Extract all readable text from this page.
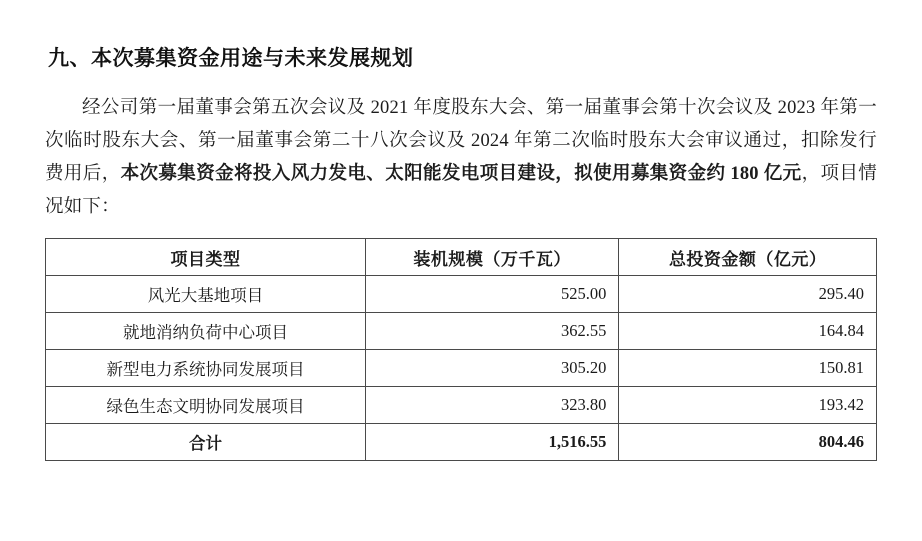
九、本次募集资金用途与未来发展规划

经公司第一届董事会第五次会议及 2021 年度股东大会、第一届董事会第十次会议及 2023 年第一次临时股东大会、第一届董事会第二十八次会议及 2024 年第二次临时股东大会审议通过，扣除发行费用后，本次募集资金将投入风力发电、太阳能发电项目建设，拟使用募集资金约 180 亿元，项目情况如下：

项目类型	装机规模（万千瓦）	总投资金额（亿元）
风光大基地项目	525.00	295.40
就地消纳负荷中心项目	362.55	164.84
新型电力系统协同发展项目	305.20	150.81
绿色生态文明协同发展项目	323.80	193.42
合计	1,516.55	804.46
